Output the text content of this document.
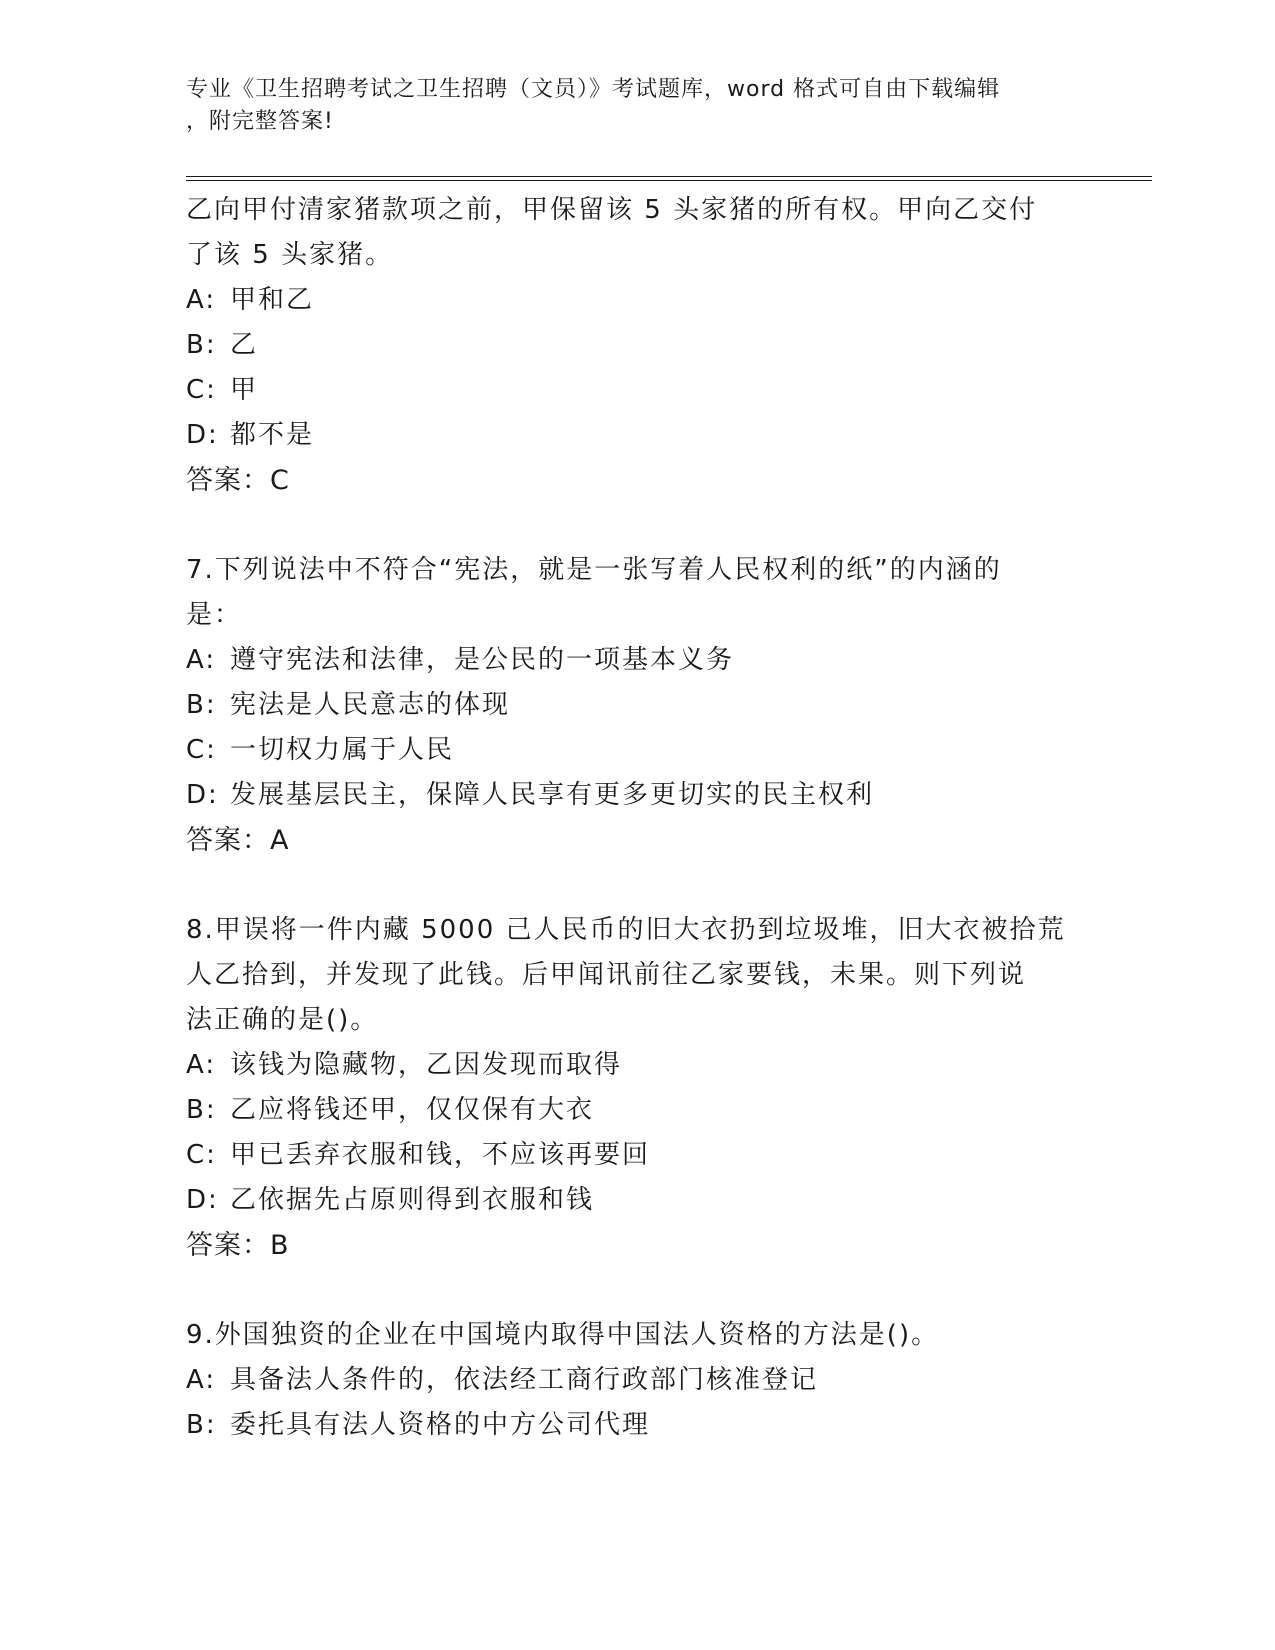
专业《卫生招聘考试之卫生招聘（文员）》考试题库，word 格式可自由下载编辑
，附完整答案!
乙向甲付清家猪款项之前，甲保留该 5 头家猪的所有权。甲向乙交付
了该 5 头家猪。
A: 甲和乙
B: 乙
C: 甲
D: 都不是
答案：C
7.下列说法中不符合“宪法，就是一张写着人民权利的纸”的内涵的
是：
A: 遵守宪法和法律，是公民的一项基本义务
B: 宪法是人民意志的体现
C: 一切权力属于人民
D: 发展基层民主，保障人民享有更多更切实的民主权利
答案：A
8.甲误将一件内藏 5000 己人民币的旧大衣扔到垃圾堆，旧大衣被拾荒
人乙拾到，并发现了此钱。后甲闻讯前往乙家要钱，未果。则下列说
法正确的是()。
A: 该钱为隐藏物，乙因发现而取得
B: 乙应将钱还甲，仅仅保有大衣
C: 甲已丢弃衣服和钱，不应该再要回
D: 乙依据先占原则得到衣服和钱
答案：B
9.外国独资的企业在中国境内取得中国法人资格的方法是()。
A: 具备法人条件的，依法经工商行政部门核准登记
B: 委托具有法人资格的中方公司代理
